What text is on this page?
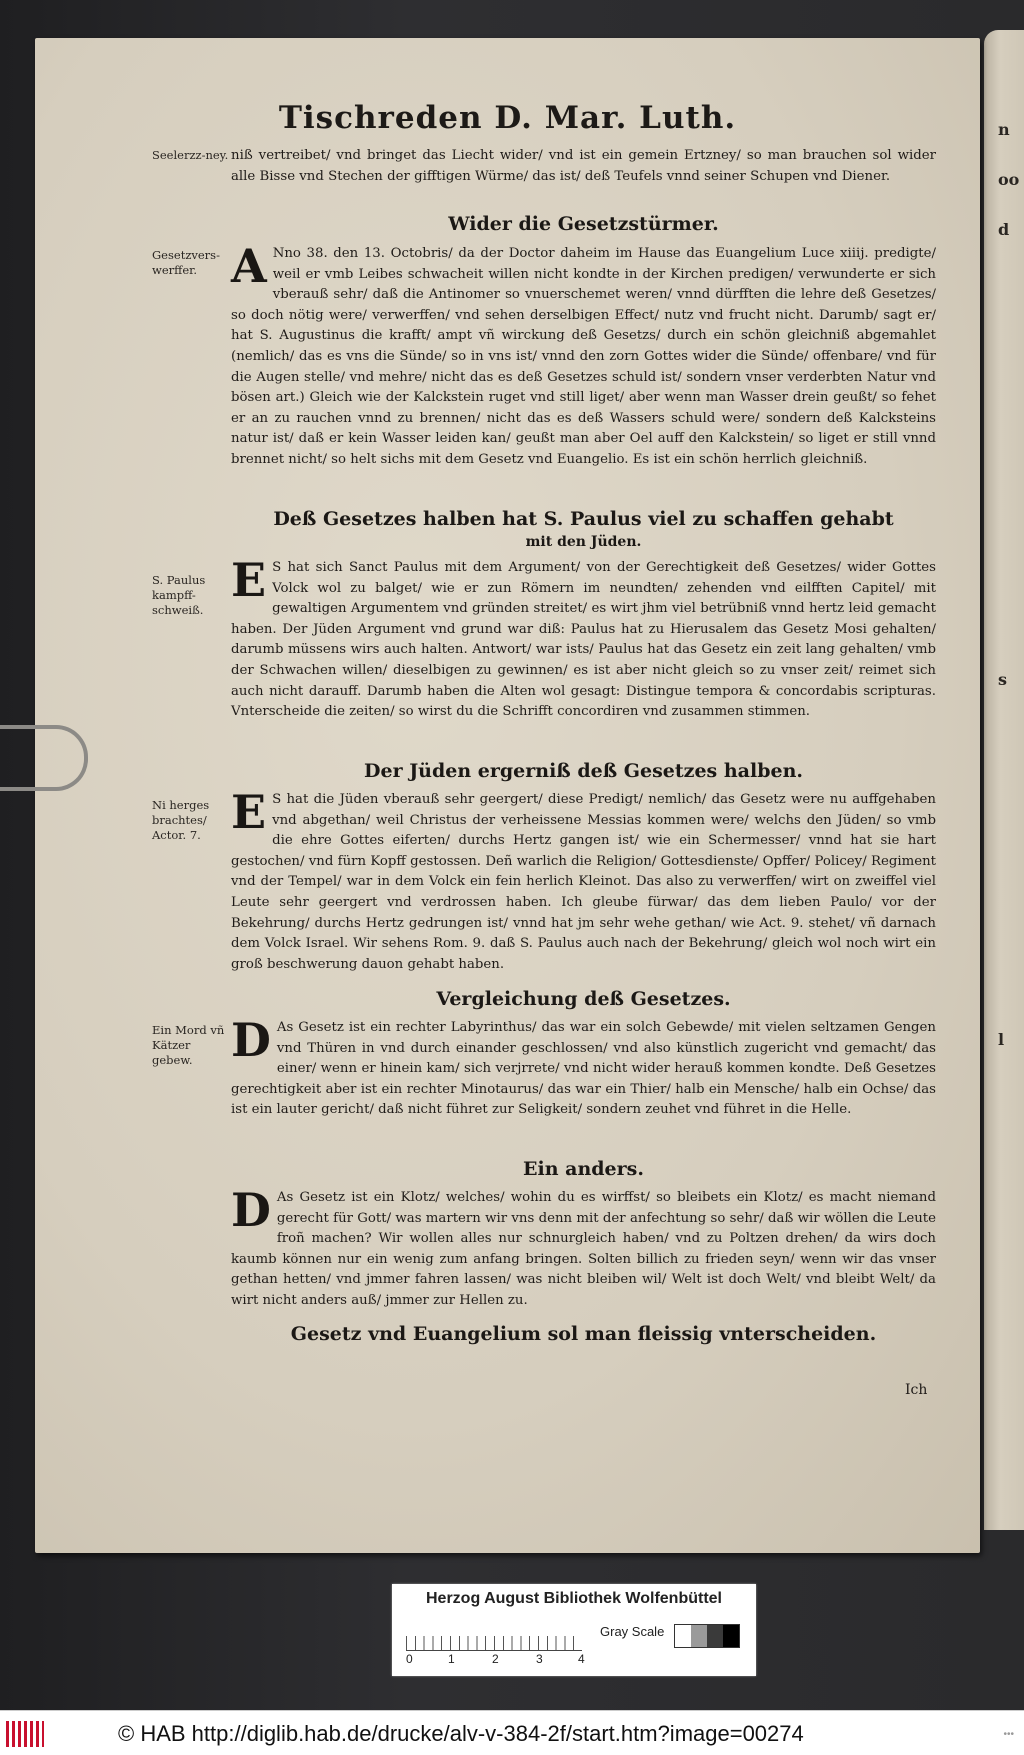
n
oo
d
s
l
Tischreden D. Mar. Luth.
Seelerzz-ney. niß vertreibet/ vnd bringet das Liecht wider/ vnd ist ein gemein Ertzney/ so man brauchen sol wider alle Bisse vnd Stechen der gifftigen Würme/ das ist/ deß Teufels vnnd seiner Schupen vnd Diener.
Wider die Gesetzstürmer.
Gesetzvers-werffer. A Nno 38. den 13. Octobris/ da der Doctor daheim im Hause das Euangelium Luce xiiij. predigte/ weil er vmb Leibes schwacheit willen nicht kondte in der Kirchen predigen/ verwunderte er sich vberauß sehr/ daß die Antinomer so vnuerschemet weren/ vnnd dürfften die lehre deß Gesetzes/ so doch nötig were/ verwerffen/ vnd sehen derselbigen Effect/ nutz vnd frucht nicht. Darumb/ sagt er/ hat S. Augustinus die krafft/ ampt vñ wirckung deß Gesetzs/ durch ein schön gleichniß abgemahlet (nemlich/ das es vns die Sünde/ so in vns ist/ vnnd den zorn Gottes wider die Sünde/ offenbare/ vnd für die Augen stelle/ vnd mehre/ nicht das es deß Gesetzes schuld ist/ sondern vnser verderbten Natur vnd bösen art.) Gleich wie der Kalckstein ruget vnd still liget/ aber wenn man Wasser drein geußt/ so fehet er an zu rauchen vnnd zu brennen/ nicht das es deß Wassers schuld were/ sondern deß Kalcksteins natur ist/ daß er kein Wasser leiden kan/ geußt man aber Oel auff den Kalckstein/ so liget er still vnnd brennet nicht/ so helt sichs mit dem Gesetz vnd Euangelio. Es ist ein schön herrlich gleichniß.
Deß Gesetzes halben hat S. Paulus viel zu schaffen gehabt
mit den Jüden.
S. Paulus kampff-schweiß.
E S hat sich Sanct Paulus mit dem Argument/ von der Gerechtigkeit deß Gesetzes/ wider Gottes Volck wol zu balget/ wie er zun Römern im neundten/ zehenden vnd eilfften Capitel/ mit gewaltigen Argumentem vnd gründen streitet/ es wirt jhm viel betrübniß vnnd hertz leid gemacht haben. Der Jüden Argument vnd grund war diß: Paulus hat zu Hierusalem das Gesetz Mosi gehalten/ darumb müssens wirs auch halten. Antwort/ war ists/ Paulus hat das Gesetz ein zeit lang gehalten/ vmb der Schwachen willen/ dieselbigen zu gewinnen/ es ist aber nicht gleich so zu vnser zeit/ reimet sich auch nicht darauff. Darumb haben die Alten wol gesagt: Distingue tempora & concordabis scripturas. Vnterscheide die zeiten/ so wirst du die Schrifft concordiren vnd zusammen stimmen.
Der Jüden ergerniß deß Gesetzes halben.
Ni herges brachtes/ Actor. 7. E S hat die Jüden vberauß sehr geergert/ diese Predigt/ nemlich/ das Gesetz were nu auffgehaben vnd abgethan/ weil Christus der verheissene Messias kommen were/ welchs den Jüden/ so vmb die ehre Gottes eiferten/ durchs Hertz gangen ist/ wie ein Schermesser/ vnnd hat sie hart gestochen/ vnd fürn Kopff gestossen. Deñ warlich die Religion/ Gottesdienste/ Opffer/ Policey/ Regiment vnd der Tempel/ war in dem Volck ein fein herlich Kleinot. Das also zu verwerffen/ wirt on zweiffel viel Leute sehr geergert vnd verdrossen haben. Ich gleube fürwar/ das dem lieben Paulo/ vor der Bekehrung/ durchs Hertz gedrungen ist/ vnnd hat jm sehr wehe gethan/ wie Act. 9. stehet/ vñ darnach dem Volck Israel. Wir sehens Rom. 9. daß S. Paulus auch nach der Bekehrung/ gleich wol noch wirt ein groß beschwerung dauon gehabt haben.
Vergleichung deß Gesetzes.
Ein Mord vñ Kätzer gebew. D As Gesetz ist ein rechter Labyrinthus/ das war ein solch Gebewde/ mit vielen seltzamen Gengen vnd Thüren in vnd durch einander geschlossen/ vnd also künstlich zugericht vnd gemacht/ das einer/ wenn er hinein kam/ sich verjrrete/ vnd nicht wider herauß kommen kondte. Deß Gesetzes gerechtigkeit aber ist ein rechter Minotaurus/ das war ein Thier/ halb ein Mensche/ halb ein Ochse/ das ist ein lauter gericht/ daß nicht führet zur Seligkeit/ sondern zeuhet vnd führet in die Helle.
Ein anders.
D As Gesetz ist ein Klotz/ welches/ wohin du es wirffst/ so bleibets ein Klotz/ es macht niemand gerecht für Gott/ was martern wir vns denn mit der anfechtung so sehr/ daß wir wöllen die Leute froñ machen? Wir wollen alles nur schnurgleich haben/ vnd zu Poltzen drehen/ da wirs doch kaumb können nur ein wenig zum anfang bringen. Solten billich zu frieden seyn/ wenn wir das vnser gethan hetten/ vnd jmmer fahren lassen/ was nicht bleiben wil/ Welt ist doch Welt/ vnd bleibt Welt/ da wirt nicht anders auß/ jmmer zur Hellen zu.
Gesetz vnd Euangelium sol man fleissig vnterscheiden.
Ich
Herzog August Bibliothek Wolfenbüttel
0	1	2	3	4
Gray Scale
© HAB http://diglib.hab.de/drucke/alv-v-384-2f/start.htm?image=00274	•••
